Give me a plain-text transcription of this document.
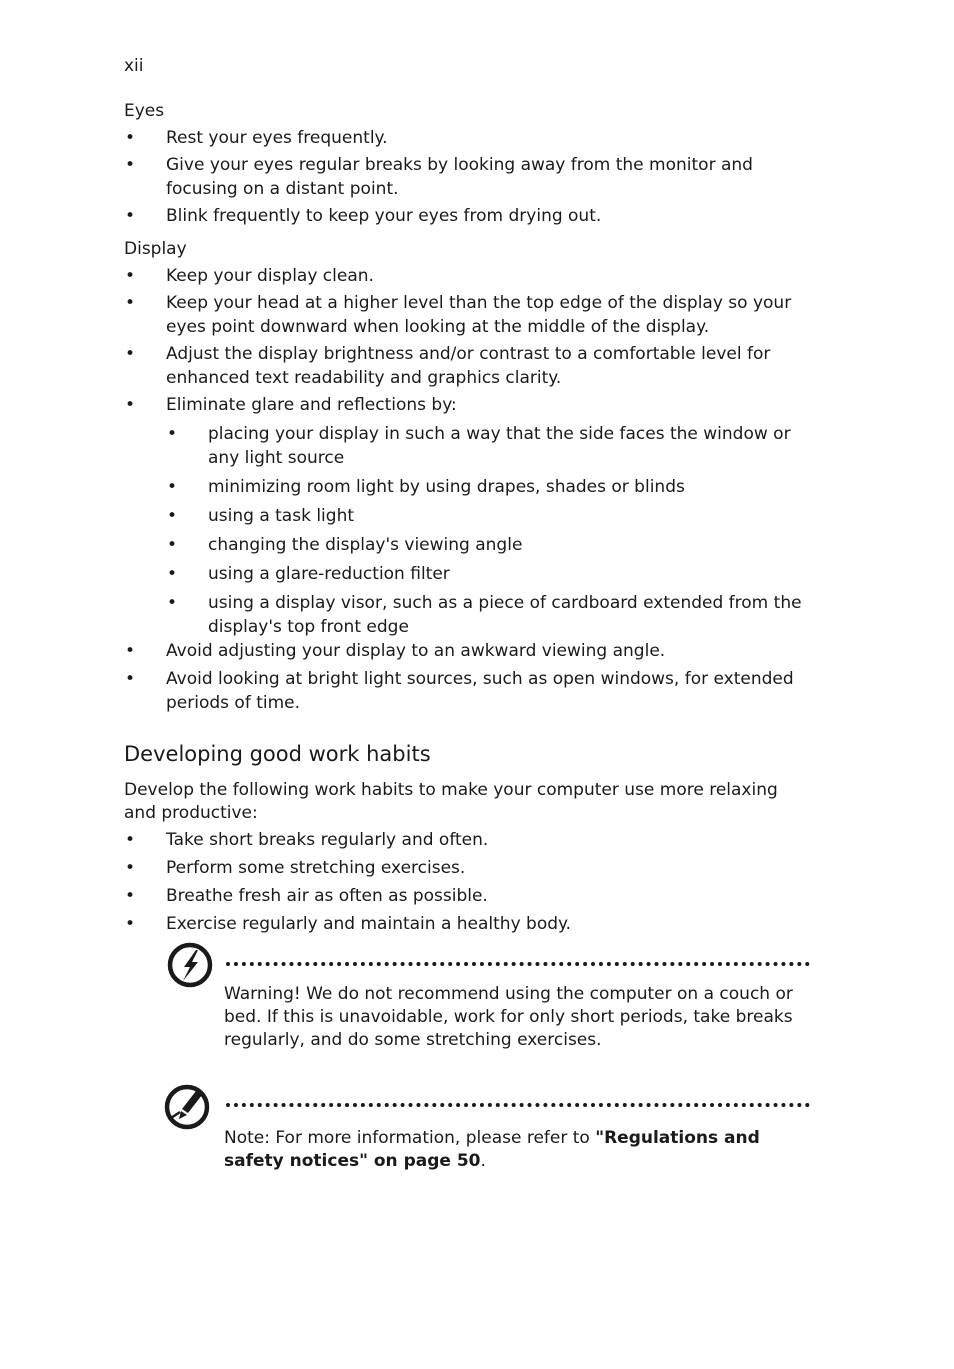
xii
Eyes
• Rest your eyes frequently.
• Give your eyes regular breaks by looking away from the monitor and focusing on a distant point.
• Blink frequently to keep your eyes from drying out.
Display
• Keep your display clean.
• Keep your head at a higher level than the top edge of the display so your eyes point downward when looking at the middle of the display.
• Adjust the display brightness and/or contrast to a comfortable level for enhanced text readability and graphics clarity.
• Eliminate glare and reflections by:
• placing your display in such a way that the side faces the window or any light source
• minimizing room light by using drapes, shades or blinds
• using a task light
• changing the display's viewing angle
• using a glare-reduction filter
• using a display visor, such as a piece of cardboard extended from the display's top front edge
• Avoid adjusting your display to an awkward viewing angle.
• Avoid looking at bright light sources, such as open windows, for extended periods of time.
Developing good work habits
Develop the following work habits to make your computer use more relaxing and productive:
• Take short breaks regularly and often.
• Perform some stretching exercises.
• Breathe fresh air as often as possible.
• Exercise regularly and maintain a healthy body.
Warning! We do not recommend using the computer on a couch or bed. If this is unavoidable, work for only short periods, take breaks regularly, and do some stretching exercises.
Note: For more information, please refer to "Regulations and safety notices" on page 50.
